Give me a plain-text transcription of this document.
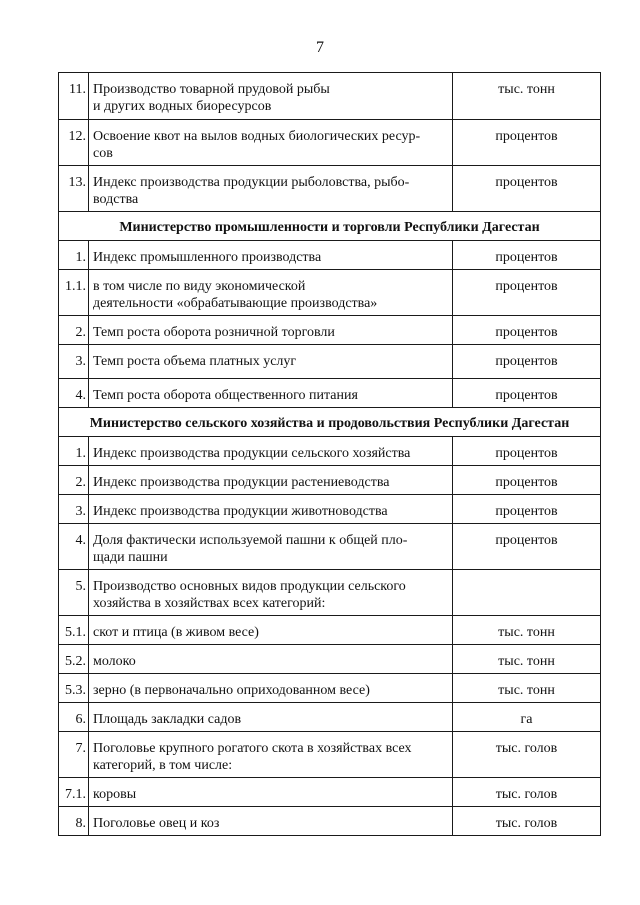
7
11.	Производство товарной прудовой рыбы
и других водных биоресурсов	тыс. тонн
12.	Освоение квот на вылов водных биологических ресур-
сов	процентов
13.	Индекс производства продукции рыболовства, рыбо-
водства	процентов
Министерство промышленности и торговли Республики Дагестан		
1.	Индекс промышленного производства	процентов
1.1.	в том числе по виду экономической
деятельности «обрабатывающие производства»	процентов
2.	Темп роста оборота розничной торговли	процентов
3.	Темп роста объема платных услуг	процентов
4.	Темп роста оборота общественного питания	процентов
Министерство сельского хозяйства и продовольствия Республики Дагестан		
1.	Индекс производства продукции сельского хозяйства	процентов
2.	Индекс производства продукции растениеводства	процентов
3.	Индекс производства продукции животноводства	процентов
4.	Доля фактически используемой пашни к общей пло-
щади пашни	процентов
5.	Производство основных видов продукции сельского
хозяйства в хозяйствах всех категорий:	

5.1.	скот и птица (в живом весе)	тыс. тонн
5.2.	молоко	тыс. тонн
5.3.	зерно (в первоначально оприходованном весе)	тыс. тонн
6.	Площадь закладки садов	га
7.	Поголовье крупного рогатого скота в хозяйствах всех
категорий, в том числе:	тыс. голов
7.1.	коровы	тыс. голов
8.	Поголовье овец и коз	тыс. голов
